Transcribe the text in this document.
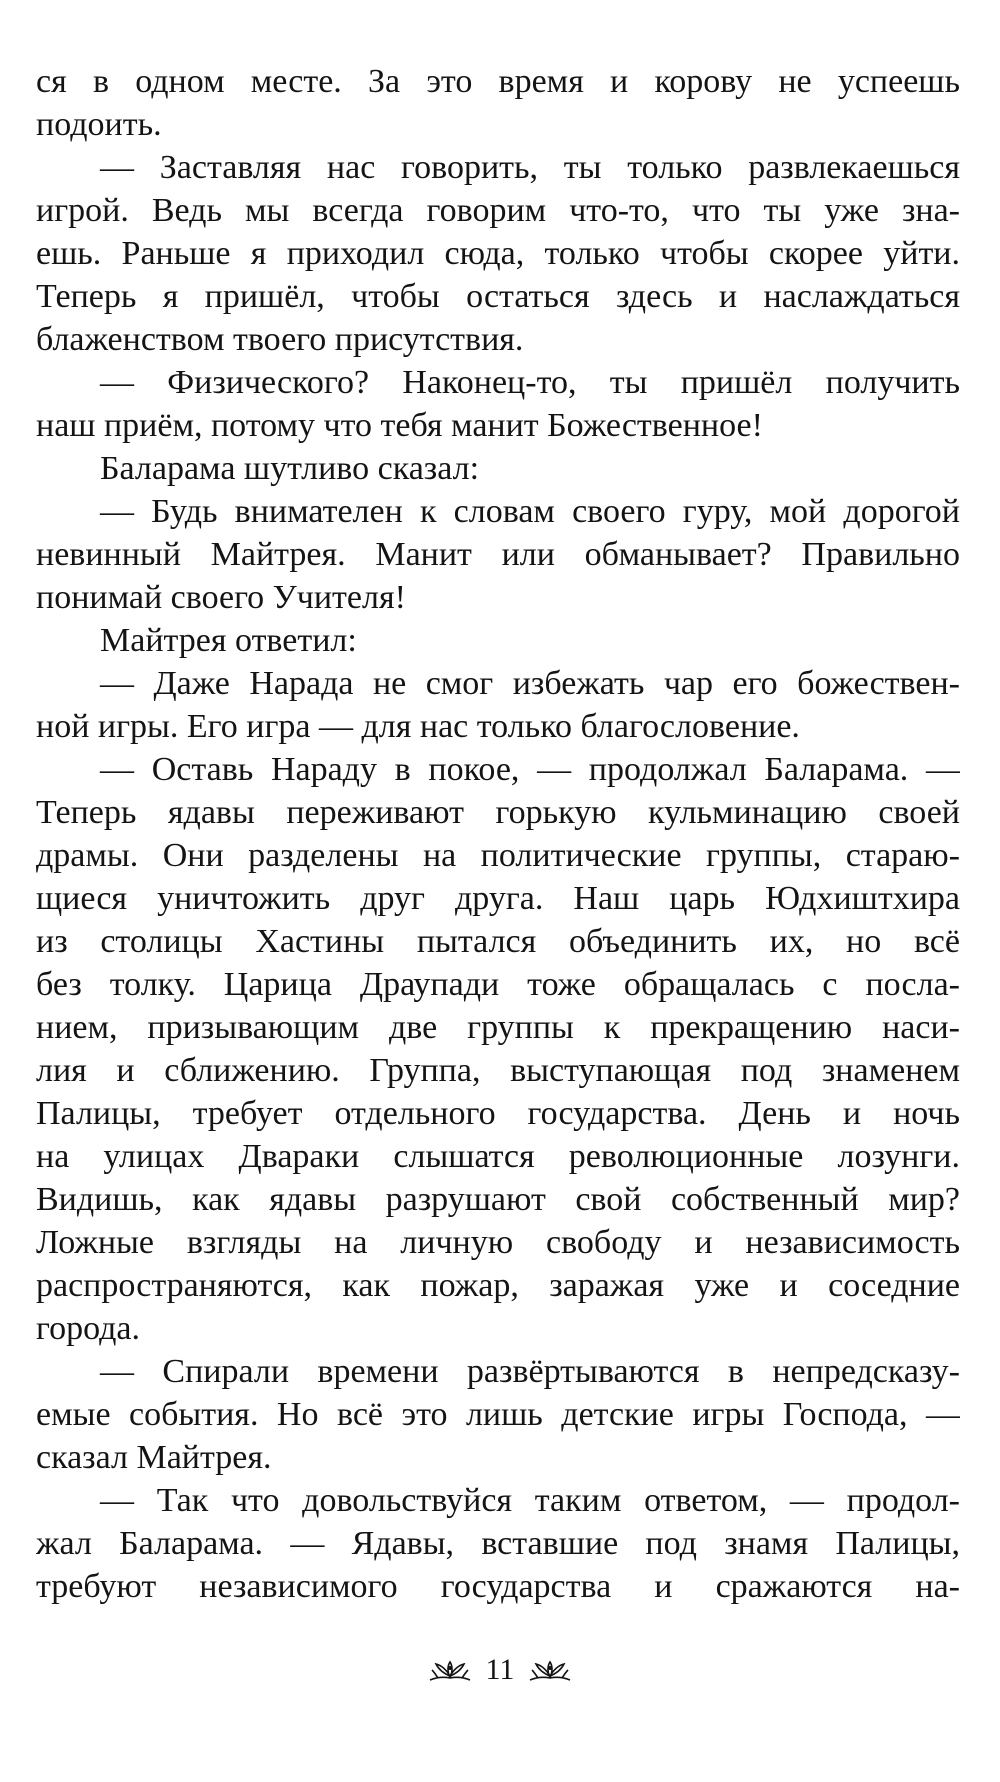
ся в одном месте. За это время и корову не успеешь
подоить.
— Заставляя нас говорить, ты только развлекаешься
игрой. Ведь мы всегда говорим что-то, что ты уже зна-
ешь. Раньше я приходил сюда, только чтобы скорее уйти.
Теперь я пришёл, чтобы остаться здесь и наслаждаться
блаженством твоего присутствия.
— Физического? Наконец-то, ты пришёл получить
наш приём, потому что тебя манит Божественное!
Баларама шутливо сказал:
— Будь внимателен к словам своего гуру, мой дорогой
невинный Майтрея. Манит или обманывает? Правильно
понимай своего Учителя!
Майтрея ответил:
— Даже Нарада не смог избежать чар его божествен-
ной игры. Его игра — для нас только благословение.
— Оставь Нараду в покое, — продолжал Баларама. —
Теперь ядавы переживают горькую кульминацию своей
драмы. Они разделены на политические группы, стараю-
щиеся уничтожить друг друга. Наш царь Юдхиштхира
из столицы Хастины пытался объединить их, но всё
без толку. Царица Драупади тоже обращалась с посла-
нием, призывающим две группы к прекращению наси-
лия и сближению. Группа, выступающая под знаменем
Палицы, требует отдельного государства. День и ночь
на улицах Двараки слышатся революционные лозунги.
Видишь, как ядавы разрушают свой собственный мир?
Ложные взгляды на личную свободу и независимость
распространяются, как пожар, заражая уже и соседние
города.
— Спирали времени развёртываются в непредсказу-
емые события. Но всё это лишь детские игры Господа, —
сказал Майтрея.
— Так что довольствуйся таким ответом, — продол-
жал Баларама. — Ядавы, вставшие под знамя Палицы,
требуют независимого государства и сражаются на-
11
